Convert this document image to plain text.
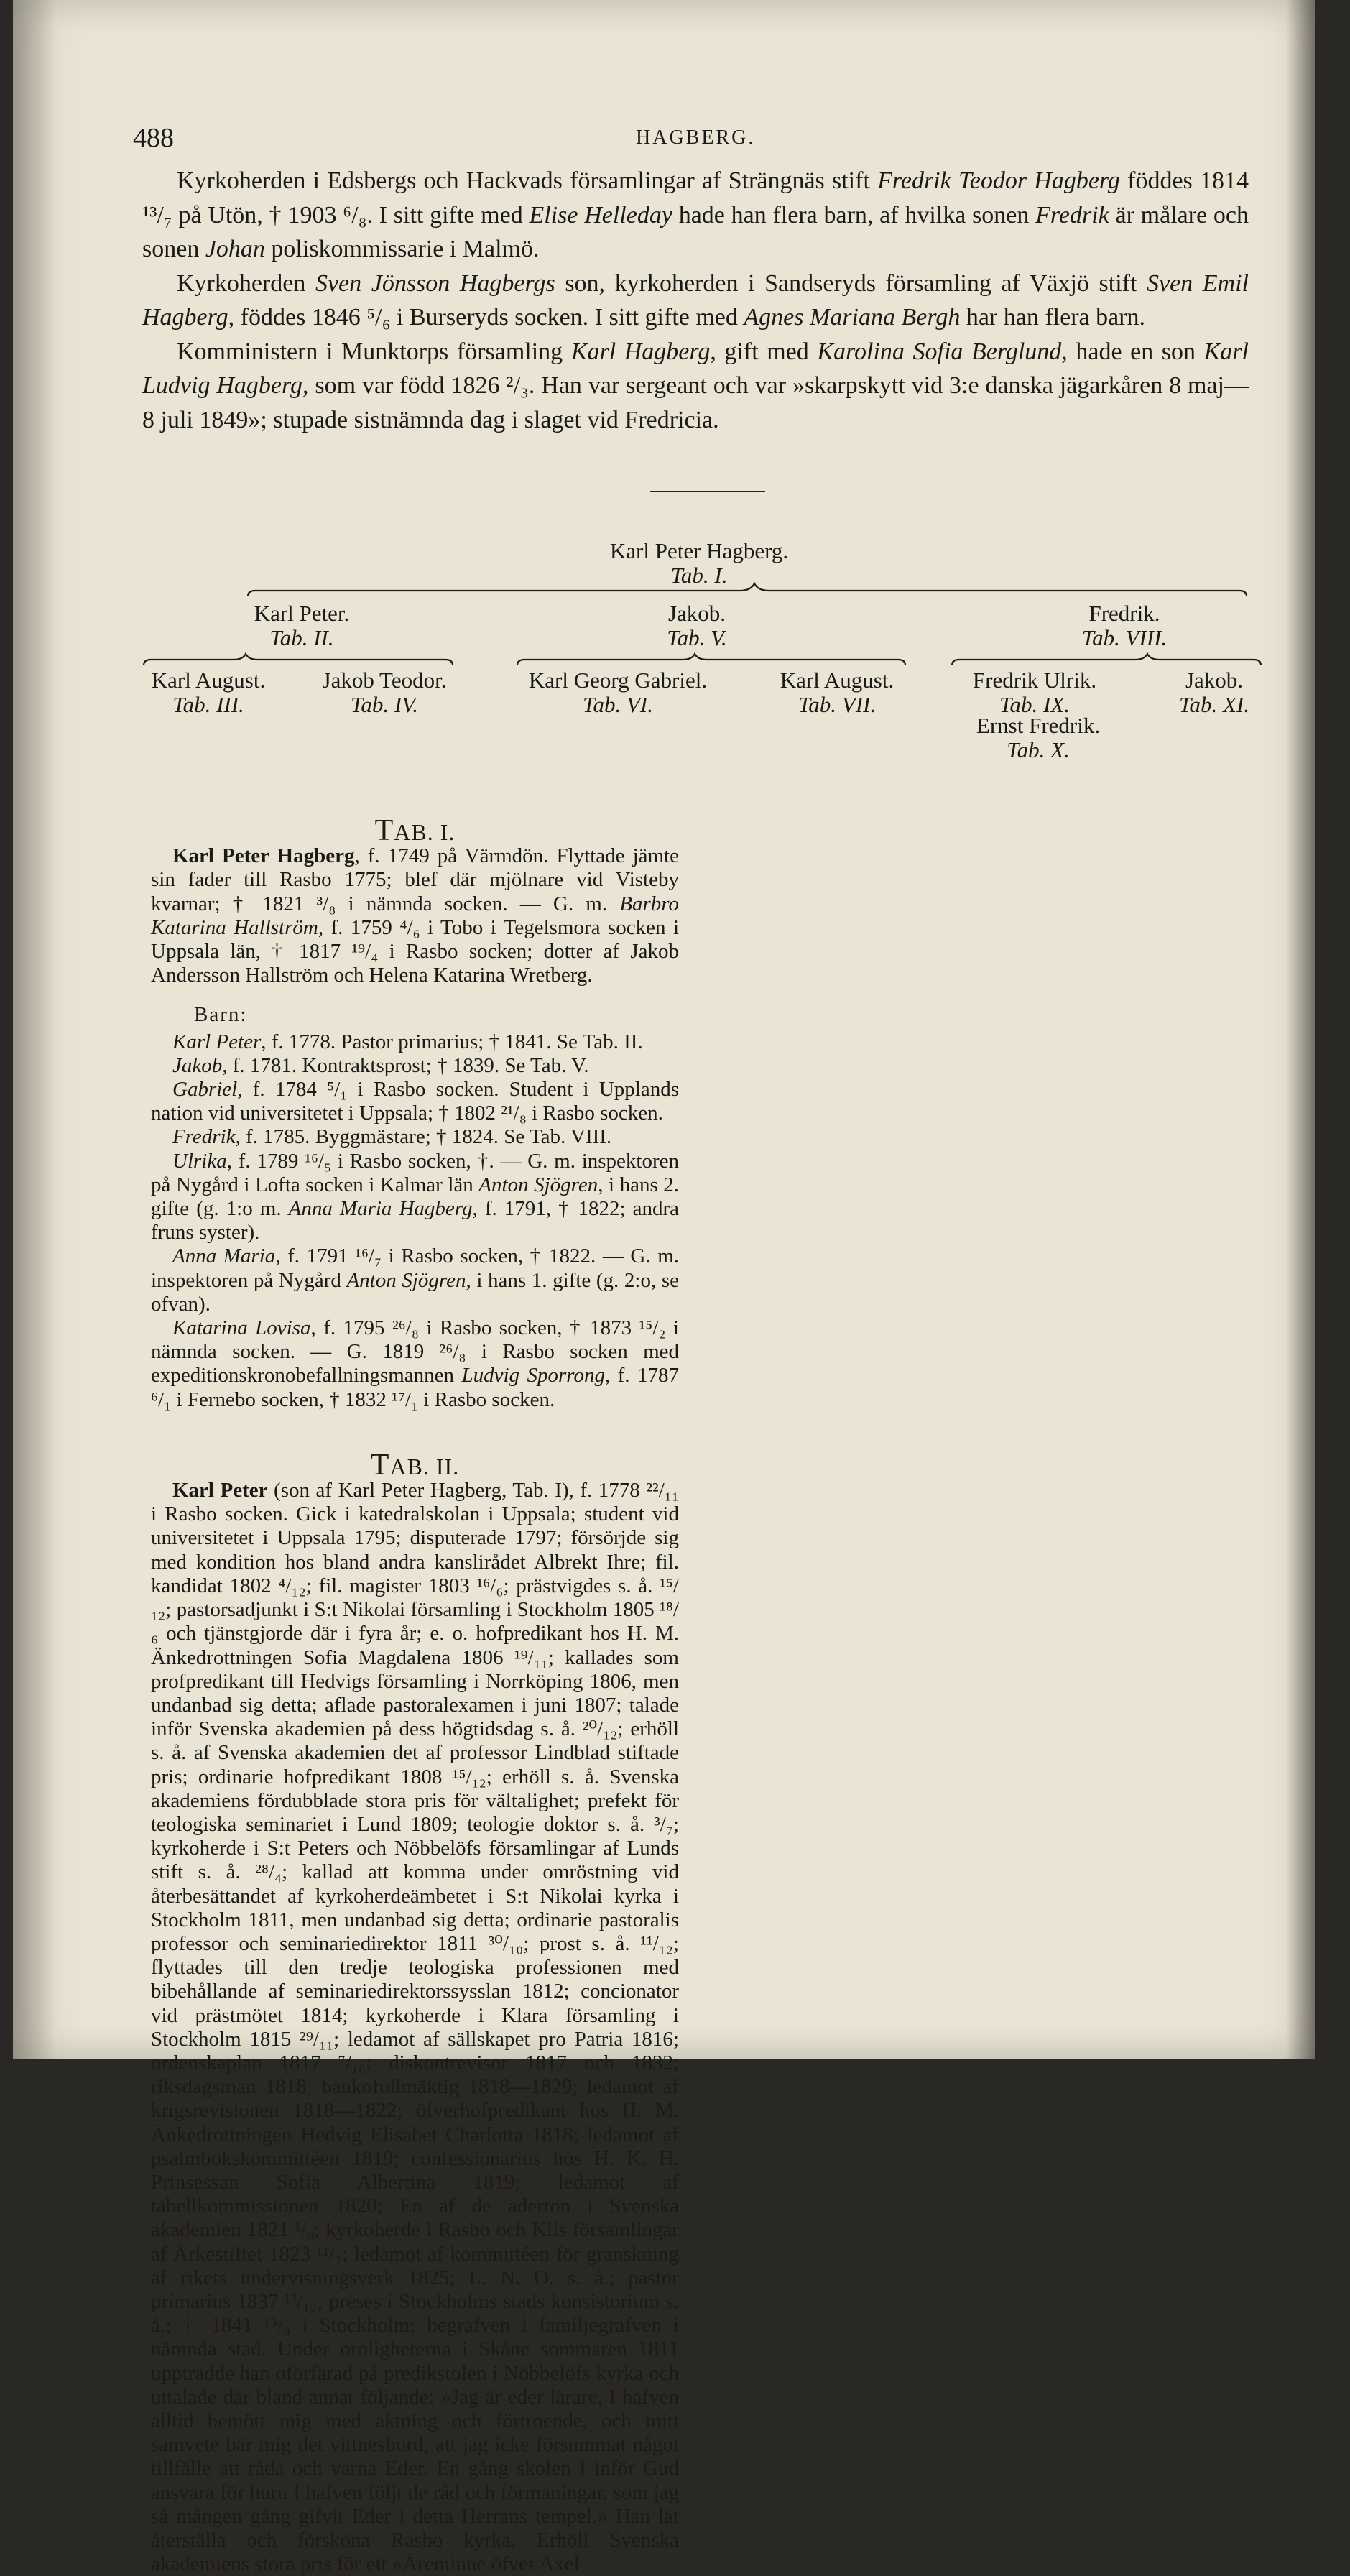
488	HAGBERG.

Kyrkoherden i Edsbergs och Hackvads församlingar af Strängnäs stift Fredrik Teodor Hagberg föddes 1814 ¹³/₇ på Utön, † 1903 ⁶/₈. I sitt gifte med Elise Helleday hade han flera barn, af hvilka sonen Fredrik är målare och sonen Johan poliskommissarie i Malmö.

Kyrkoherden Sven Jönsson Hagbergs son, kyrkoherden i Sandseryds församling af Växjö stift Sven Emil Hagberg, föddes 1846 ⁵/₆ i Burseryds socken. I sitt gifte med Agnes Mariana Bergh har han flera barn.

Komministern i Munktorps församling Karl Hagberg, gift med Karolina Sofia Berglund, hade en son Karl Ludvig Hagberg, som var född 1826 ²/₃. Han var sergeant och var »skarpskytt vid 3:e danska jägarkåren 8 maj—8 juli 1849»; stupade sistnämnda dag i slaget vid Fredricia.

Karl Peter Hagberg.
Tab. I.
Karl Peter.
Tab. II.
Jakob.
Tab. V.
Fredrik.
Tab. VIII.
Karl August.
Tab. III.
Jakob Teodor.
Tab. IV.
Karl Georg Gabriel.
Tab. VI.
Karl August.
Tab. VII.
Fredrik Ulrik.
Tab. IX.
Jakob.
Tab. XI.
Ernst Fredrik.
Tab. X.

TAB. I.

Karl Peter Hagberg, f. 1749 på Värmdön. Flyttade jämte sin fader till Rasbo 1775; blef där mjölnare vid Visteby kvarnar; † 1821 ³/₈ i nämnda socken. — G. m. Barbro Katarina Hallström, f. 1759 ⁴/₆ i Tobo i Tegelsmora socken i Uppsala län, † 1817 ¹⁹/₄ i Rasbo socken; dotter af Jakob Andersson Hallström och Helena Katarina Wretberg.

Barn:

Karl Peter, f. 1778. Pastor primarius; † 1841. Se Tab. II.

Jakob, f. 1781. Kontraktsprost; † 1839. Se Tab. V.

Gabriel, f. 1784 ⁵/₁ i Rasbo socken. Student i Upplands nation vid universitetet i Uppsala; † 1802 ²¹/₈ i Rasbo socken.

Fredrik, f. 1785. Byggmästare; † 1824. Se Tab. VIII.

Ulrika, f. 1789 ¹⁶/₅ i Rasbo socken, †. — G. m. inspektoren på Nygård i Lofta socken i Kalmar län Anton Sjögren, i hans 2. gifte (g. 1:o m. Anna Maria Hagberg, f. 1791, † 1822; andra fruns syster).

Anna Maria, f. 1791 ¹⁶/₇ i Rasbo socken, † 1822. — G. m. inspektoren på Nygård Anton Sjögren, i hans 1. gifte (g. 2:o, se ofvan).

Katarina Lovisa, f. 1795 ²⁶/₈ i Rasbo socken, † 1873 ¹⁵/₂ i nämnda socken. — G. 1819 ²⁶/₈ i Rasbo socken med expeditionskronobefallningsmannen Ludvig Sporrong, f. 1787 ⁶/₁ i Fernebo socken, † 1832 ¹⁷/₁ i Rasbo socken.

TAB. II.

Karl Peter (son af Karl Peter Hagberg, Tab. I), f. 1778 ²²/₁₁ i Rasbo socken. Gick i katedralskolan i Uppsala; student vid universitetet i Uppsala 1795; disputerade 1797; försörjde sig med kondition hos bland andra kanslirådet Albrekt Ihre; fil. kandidat 1802 ⁴/₁₂; fil. magister 1803 ¹⁶/₆; prästvigdes s. å. ¹⁵/₁₂; pastorsadjunkt i S:t Nikolai församling i Stockholm 1805 ¹⁸/₆ och tjänstgjorde där i fyra år; e. o. hofpredikant hos H. M. Änkedrottningen Sofia Magdalena 1806 ¹⁹/₁₁; kallades som profpredikant till Hedvigs församling i Norrköping 1806, men undanbad sig detta; aflade pastoralexamen i juni 1807; talade inför Svenska akademien på dess högtidsdag s. å. ²⁰/₁₂; erhöll s. å. af Svenska akademien det af professor Lindblad stiftade pris; ordinarie hofpredikant 1808 ¹⁵/₁₂; erhöll s. å. Svenska akademiens fördubblade stora pris för vältalighet; prefekt för teologiska seminariet i Lund 1809; teologie doktor s. å. ³/₇; kyrkoherde i S:t Peters och Nöbbelöfs församlingar af Lunds stift s. å. ²⁸/₄; kallad att komma under omröstning vid återbesättandet af kyrkoherdeämbetet i S:t Nikolai kyrka i Stockholm 1811, men undanbad sig detta; ordinarie pastoralis professor och seminariedirektor 1811 ³⁰/₁₀; prost s. å. ¹¹/₁₂; flyttades till den tredje teologiska professionen med bibehållande af seminariedirektorssysslan 1812; concionator vid prästmötet 1814; kyrkoherde i Klara församling i Stockholm 1815 ²⁹/₁₁; ledamot af sällskapet pro Patria 1816; ordenskaplan 1817 ⁷/₁₀; diskontrevisor 1817 och 1832; riksdagsman 1818; bankofullmäktig 1818—1829; ledamot af krigsrevisionen 1818—1822; öfverhofpredikant hos H. M. Änkedrottningen Hedvig Elisabet Charlotta 1818; ledamot af psalmbokskommittéen 1819; confessionarius hos H. K. H. Prinsessan Sofia Albertina 1819; ledamot af tabellkommissionen 1820; En af de aderton i Svenska akademien 1821 ¹/₆; kyrkoherde i Rasbo och Kils församlingar af Ärkestiftet 1823 ¹¹/₇; ledamot af kommittéen för granskning af rikets undervisningsverk 1825; L. N. O. s. å.; pastor primarius 1837 ¹³/₁₂; preses i Stockholms stads konsistorium s. å.; † 1841 ¹⁵/₉ i Stockholm; begrafven i familjegrafven i nämnda stad. Under oroligheterna i Skåne sommaren 1811 uppträdde han oförfärad på predikstolen i Nöbbelöfs kyrka och uttalade där bland annat följande: »Jag är eder lärare, I hafven alltid bemött mig med aktning och förtroende, och mitt samvete bär mig det vittnesbörd, att jag icke försummat något tillfälle att råda och varna Eder. En gång skolen I inför Gud ansvara för huru I hafven följt de råd och förmaningar, som jag så mången gång gifvit Eder i detta Herrans tempel.» Han lät återställa och försköna Rasbo kyrka. Erhöll Svenska akademiens stora pris för ett »Äreminne öfver Axel
